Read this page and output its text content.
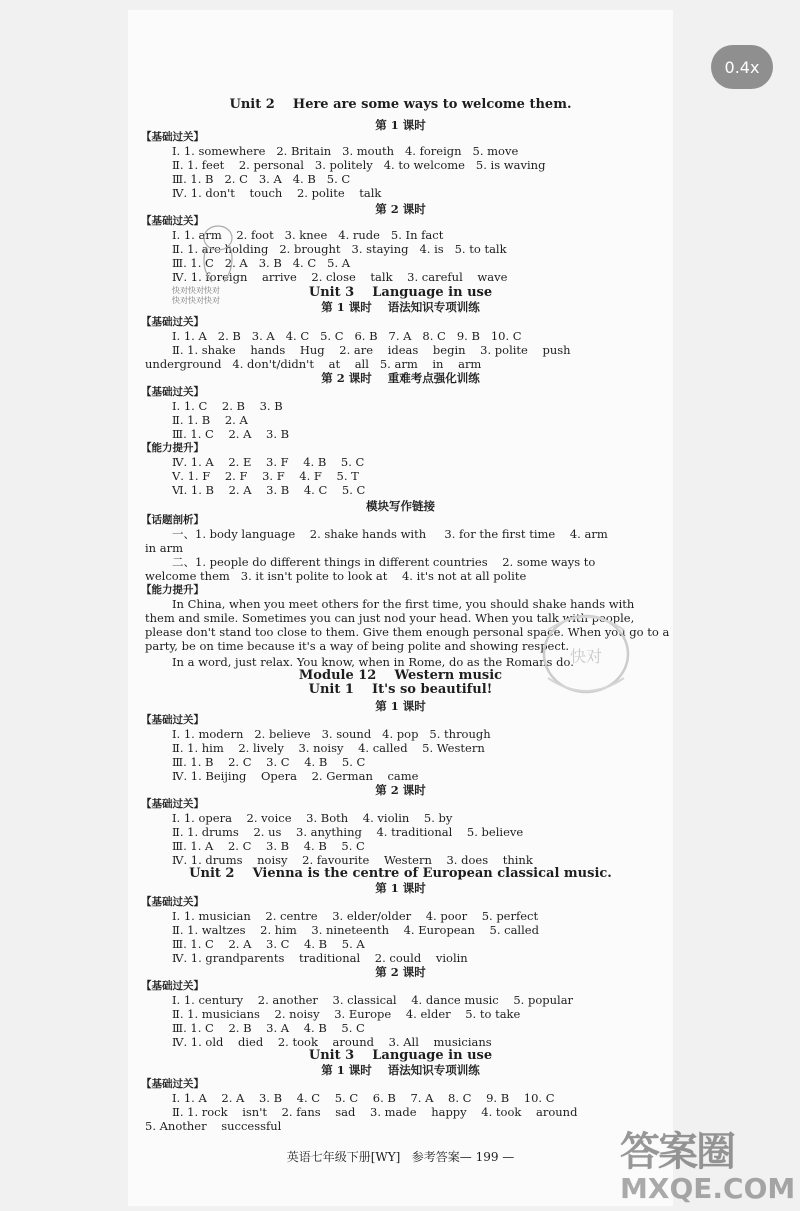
Unit 2    Here are some ways to welcome them.
第 1 课时
【基础过关】
Ⅰ. 1. somewhere   2. Britain   3. mouth   4. foreign   5. move
Ⅱ. 1. feet    2. personal   3. politely   4. to welcome   5. is waving
Ⅲ. 1. B   2. C   3. A   4. B   5. C
Ⅳ. 1. don't    touch    2. polite    talk
第 2 课时
【基础过关】
Ⅰ. 1. arm    2. foot   3. knee   4. rude   5. In fact
Ⅱ. 1. are holding   2. brought   3. staying   4. is   5. to talk
Ⅲ. 1. C   2. A   3. B   4. C   5. A
Ⅳ. 1. foreign    arrive    2. close    talk    3. careful    wave
Unit 3    Language in use
第 1 课时    语法知识专项训练
【基础过关】
Ⅰ. 1. A   2. B   3. A   4. C   5. C   6. B   7. A   8. C   9. B   10. C
Ⅱ. 1. shake    hands    Hug    2. are    ideas    begin    3. polite    push
underground   4. don't/didn't    at    all   5. arm    in    arm
第 2 课时    重难考点强化训练
【基础过关】
Ⅰ. 1. C    2. B    3. B
Ⅱ. 1. B    2. A
Ⅲ. 1. C    2. A    3. B
【能力提升】
Ⅳ. 1. A    2. E    3. F    4. B    5. C
Ⅴ. 1. F    2. F    3. F    4. F    5. T
Ⅵ. 1. B    2. A    3. B    4. C    5. C
模块写作链接
【话题剖析】
一、1. body language    2. shake hands with     3. for the first time    4. arm
in arm
二、1. people do different things in different countries    2. some ways to
welcome them   3. it isn't polite to look at    4. it's not at all polite
【能力提升】
In China, when you meet others for the first time, you should shake hands with
them and smile. Sometimes you can just nod your head. When you talk with people,
please don't stand too close to them. Give them enough personal space. When you go to a
party, be on time because it's a way of being polite and showing respect.
In a word, just relax. You know, when in Rome, do as the Romans do.
Module 12    Western music
Unit 1    It's so beautiful!
第 1 课时
【基础过关】
Ⅰ. 1. modern   2. believe   3. sound   4. pop   5. through
Ⅱ. 1. him    2. lively    3. noisy    4. called    5. Western
Ⅲ. 1. B    2. C    3. C    4. B    5. C
Ⅳ. 1. Beijing    Opera    2. German    came
第 2 课时
【基础过关】
Ⅰ. 1. opera    2. voice    3. Both    4. violin    5. by
Ⅱ. 1. drums    2. us    3. anything    4. traditional    5. believe
Ⅲ. 1. A    2. C    3. B    4. B    5. C
Ⅳ. 1. drums    noisy    2. favourite    Western    3. does    think
Unit 2    Vienna is the centre of European classical music.
第 1 课时
【基础过关】
Ⅰ. 1. musician    2. centre    3. elder/older    4. poor    5. perfect
Ⅱ. 1. waltzes    2. him    3. nineteenth    4. European    5. called
Ⅲ. 1. C    2. A    3. C    4. B    5. A
Ⅳ. 1. grandparents    traditional    2. could    violin
第 2 课时
【基础过关】
Ⅰ. 1. century    2. another    3. classical    4. dance music    5. popular
Ⅱ. 1. musicians    2. noisy    3. Europe    4. elder    5. to take
Ⅲ. 1. C    2. B    3. A    4. B    5. C
Ⅳ. 1. old    died    2. took    around    3. All    musicians
Unit 3    Language in use
第 1 课时    语法知识专项训练
【基础过关】
Ⅰ. 1. A    2. A    3. B    4. C    5. C    6. B    7. A    8. C    9. B    10. C
Ⅱ. 1. rock    isn't    2. fans    sad    3. made    happy    4. took    around
5. Another    successful
快对快对快对
快对快对快对
快对
英语七年级下册[WY]   参考答案— 199 —
0.4x
答案圈
MXQE.COM
